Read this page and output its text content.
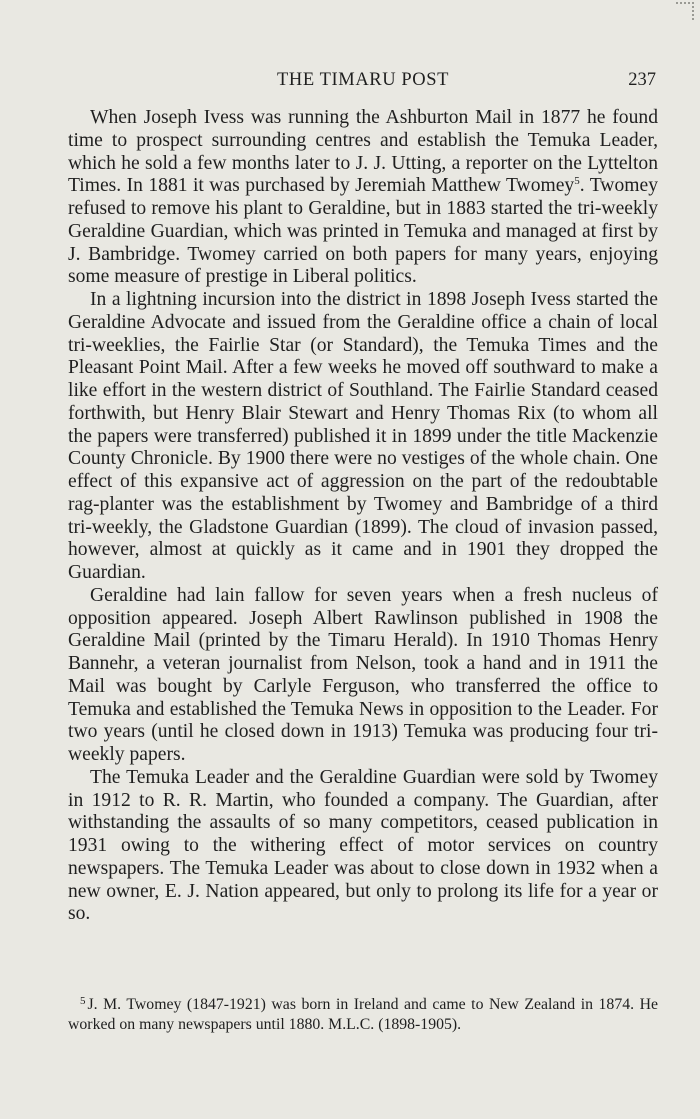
THE TIMARU POST	237

When Joseph Ivess was running the Ashburton Mail in 1877 he found time to prospect surrounding centres and establish the Temuka Leader, which he sold a few months later to J. J. Utting, a reporter on the Lyttelton Times. In 1881 it was purchased by Jeremiah Matthew Twomey$^5$. Twomey refused to remove his plant to Geraldine, but in 1883 started the tri-weekly Geraldine Guardian, which was printed in Temuka and managed at first by J. Bambridge. Twomey carried on both papers for many years, enjoying some measure of prestige in Liberal politics.

In a lightning incursion into the district in 1898 Joseph Ivess started the Geraldine Advocate and issued from the Geraldine office a chain of local tri-weeklies, the Fairlie Star (or Standard), the Temuka Times and the Pleasant Point Mail. After a few weeks he moved off southward to make a like effort in the western district of Southland. The Fairlie Standard ceased forthwith, but Henry Blair Stewart and Henry Thomas Rix (to whom all the papers were transferred) published it in 1899 under the title Mackenzie County Chronicle. By 1900 there were no vestiges of the whole chain. One effect of this expansive act of aggression on the part of the redoubtable rag-planter was the establishment by Twomey and Bambridge of a third tri-weekly, the Gladstone Guardian (1899). The cloud of invasion passed, however, almost at quickly as it came and in 1901 they dropped the Guardian.

Geraldine had lain fallow for seven years when a fresh nucleus of opposition appeared. Joseph Albert Rawlinson published in 1908 the Geraldine Mail (printed by the Timaru Herald). In 1910 Thomas Henry Bannehr, a veteran journalist from Nelson, took a hand and in 1911 the Mail was bought by Carlyle Ferguson, who transferred the office to Temuka and established the Temuka News in opposition to the Leader. For two years (until he closed down in 1913) Temuka was producing four tri-weekly papers.

The Temuka Leader and the Geraldine Guardian were sold by Twomey in 1912 to R. R. Martin, who founded a company. The Guardian, after withstanding the assaults of so many competitors, ceased publication in 1931 owing to the withering effect of motor services on country newspapers. The Temuka Leader was about to close down in 1932 when a new owner, E. J. Nation appeared, but only to prolong its life for a year or so.

$^5$ J. M. Twomey (1847-1921) was born in Ireland and came to New Zealand in 1874. He worked on many newspapers until 1880. M.L.C. (1898-1905).
